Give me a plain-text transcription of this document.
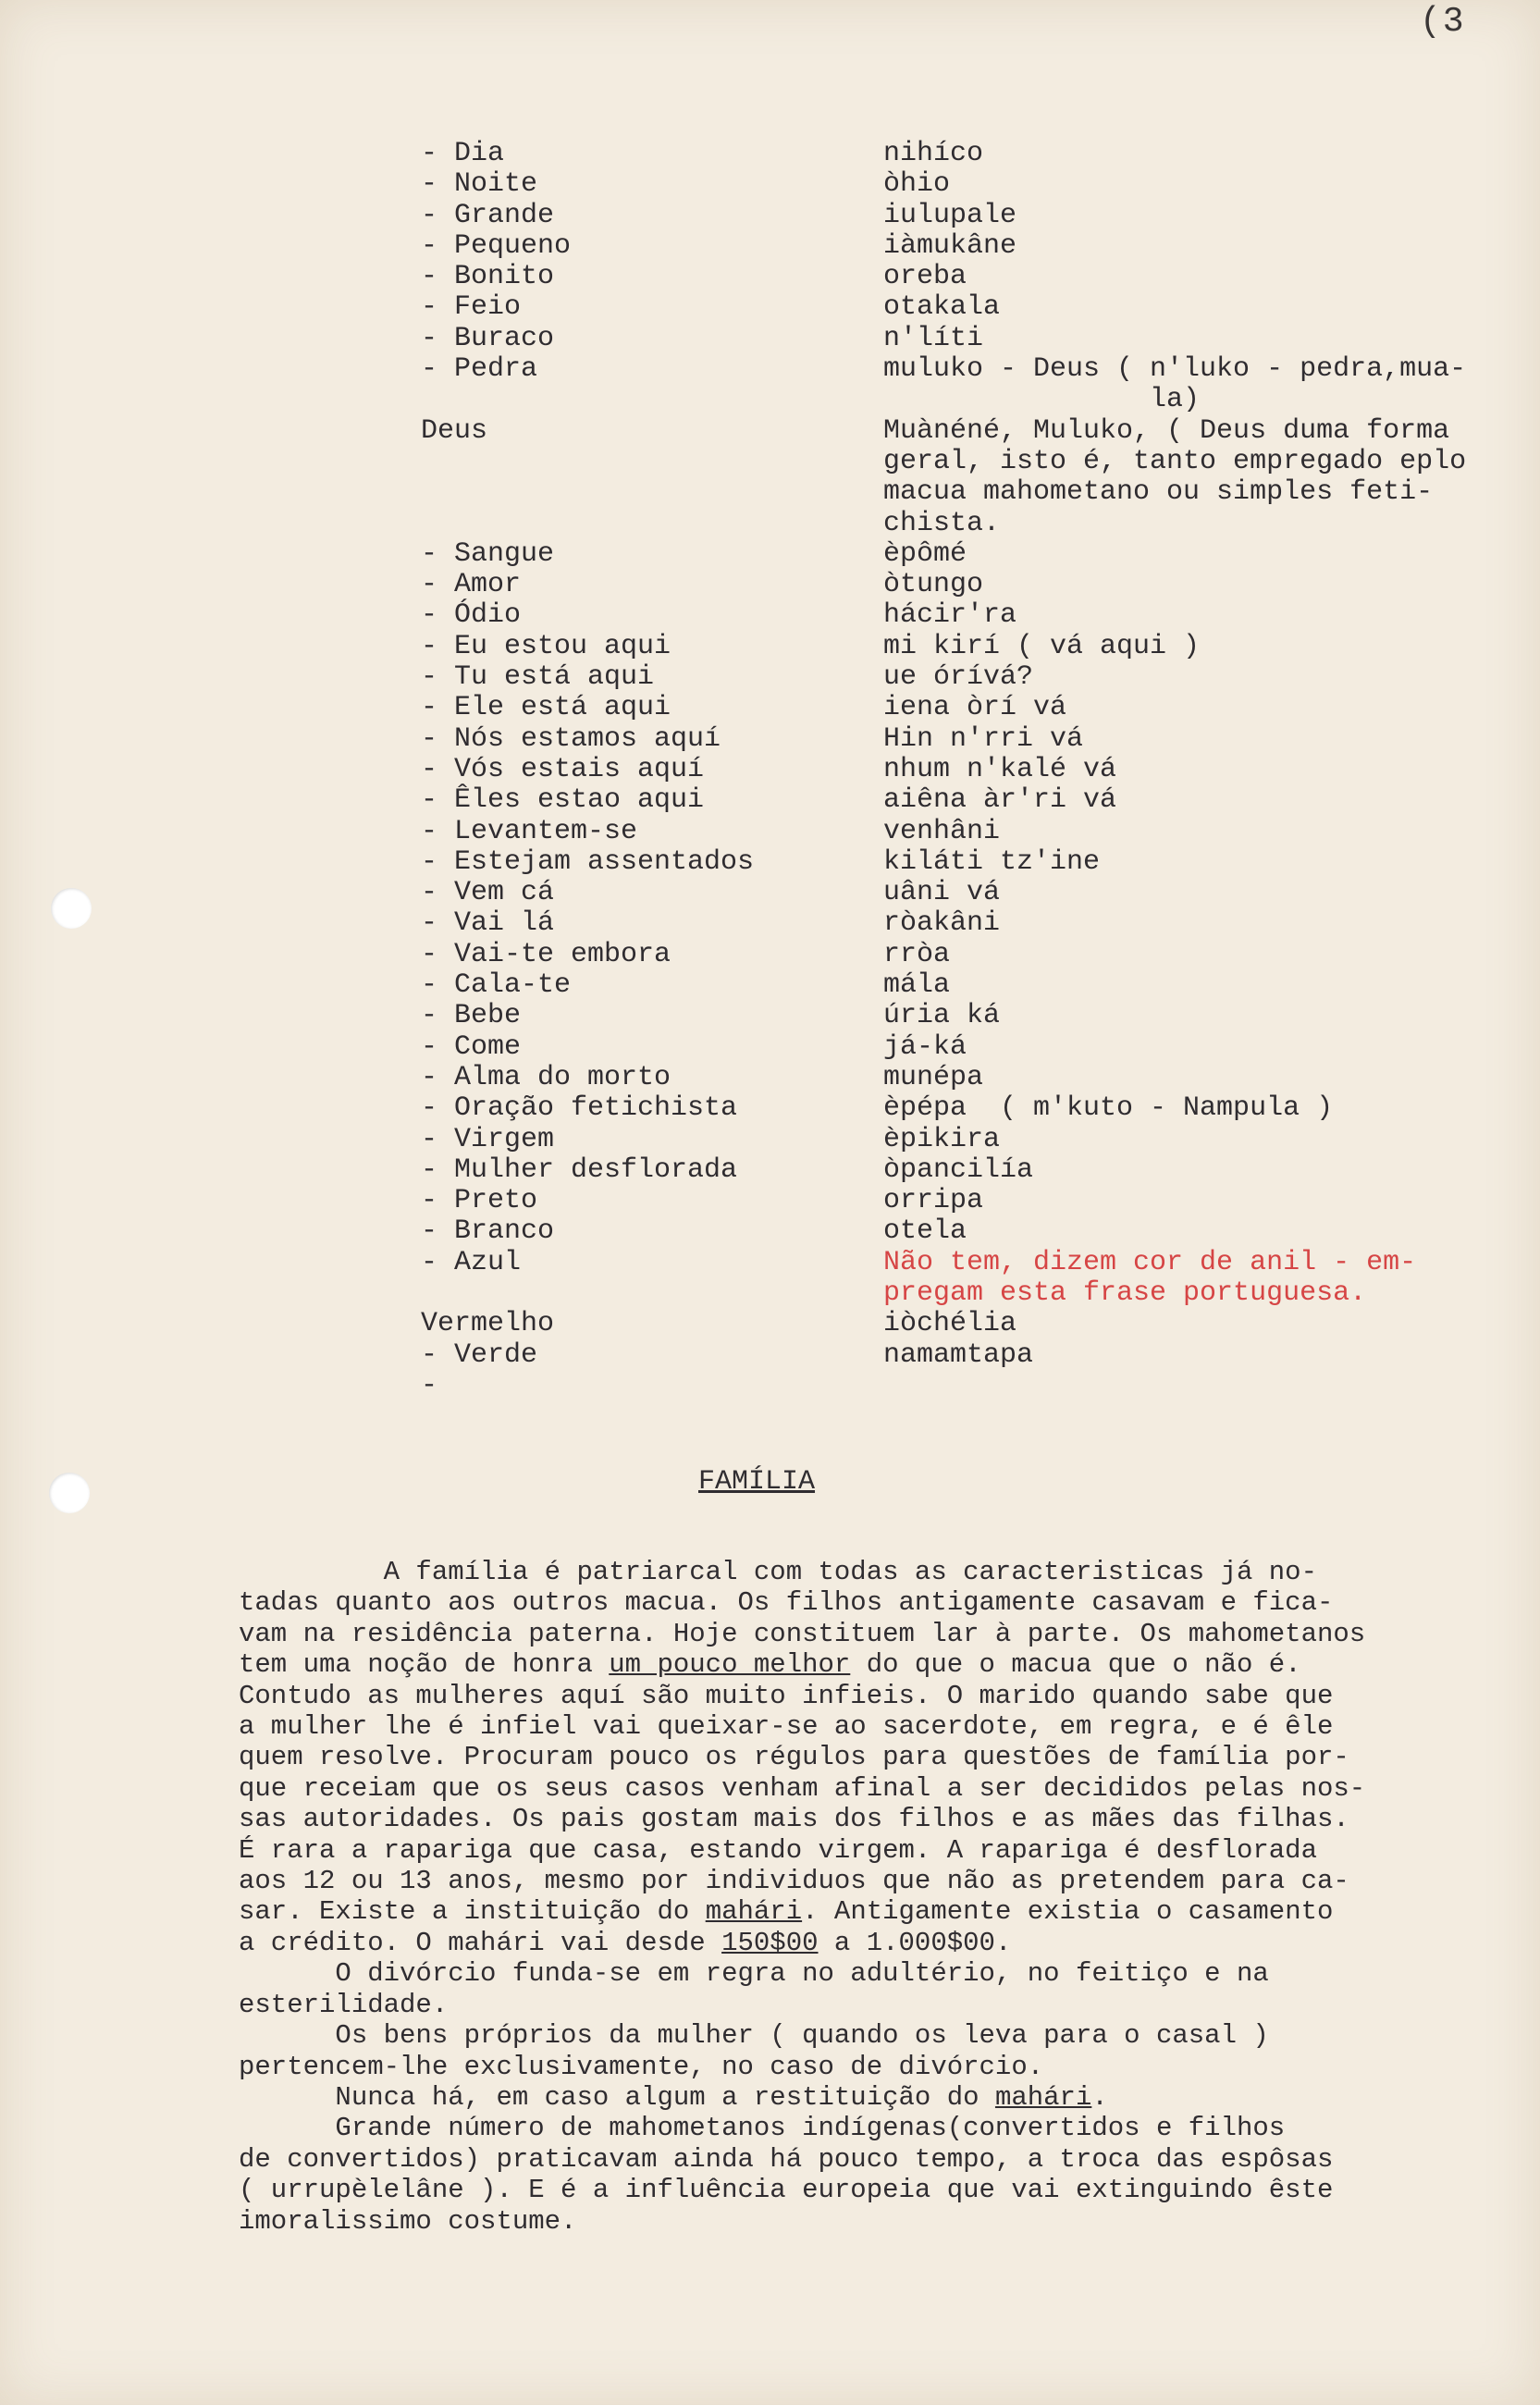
(3
- Dia	nihíco
- Noite	òhio
- Grande	iulupale
- Pequeno	iàmukâne
- Bonito	oreba
- Feio	otakala
- Buraco	n'líti
- Pedra	muluko - Deus ( n'luko - pedra,mua-
la)
Deus	Muànéné, Muluko, ( Deus duma forma
geral, isto é, tanto empregado eplo
macua mahometano ou simples feti-
chista.
- Sangue	èpômé
- Amor	òtungo
- Ódio	hácir'ra
- Eu estou aqui	mi kirí ( vá aqui )
- Tu está aqui	ue órívá?
- Ele está aqui	iena òrí vá
- Nós estamos aquí	Hin n'rri vá
- Vós estais aquí	nhum n'kalé vá
- Êles estao aqui	aiêna àr'ri vá
- Levantem-se	venhâni
- Estejam assentados	kiláti tz'ine
- Vem cá	uâni vá
- Vai lá	ròakâni
- Vai-te embora	rròa
- Cala-te	mála
- Bebe	úria ká
- Come	já-ká
- Alma do morto	munépa
- Oração fetichista	èpépa  ( m'kuto - Nampula )
- Virgem	èpikira
- Mulher desflorada	òpancilía
- Preto	orripa
- Branco	otela
- Azul	Não tem, dizem cor de anil - em-
pregam esta frase portuguesa.
Vermelho	iòchélia
- Verde	namamtapa
-
FAMÍLIA
A família é patriarcal com todas as caracteristicas já no-
tadas quanto aos outros macua. Os filhos antigamente casavam e fica-
vam na residência paterna. Hoje constituem lar à parte. Os mahometanos
tem uma noção de honra um pouco melhor do que o macua que o não é.
Contudo as mulheres aquí são muito infieis. O marido quando sabe que
a mulher lhe é infiel vai queixar-se ao sacerdote, em regra, e é êle
quem resolve. Procuram pouco os régulos para questões de família por-
que receiam que os seus casos venham afinal a ser decididos pelas nos-
sas autoridades. Os pais gostam mais dos filhos e as mães das filhas.
É rara a rapariga que casa, estando virgem. A rapariga é desflorada
aos 12 ou 13 anos, mesmo por individuos que não as pretendem para ca-
sar. Existe a instituição do mahári. Antigamente existia o casamento
a crédito. O mahári vai desde 150$00 a 1.000$00.
O divórcio funda-se em regra no adultério, no feitiço e na
esterilidade.
Os bens próprios da mulher ( quando os leva para o casal )
pertencem-lhe exclusivamente, no caso de divórcio.
Nunca há, em caso algum a restituição do mahári.
Grande número de mahometanos indígenas(convertidos e filhos
de convertidos) praticavam ainda há pouco tempo, a troca das espôsas
( urrupèlelâne ). E é a influência europeia que vai extinguindo êste
imoralissimo costume.
